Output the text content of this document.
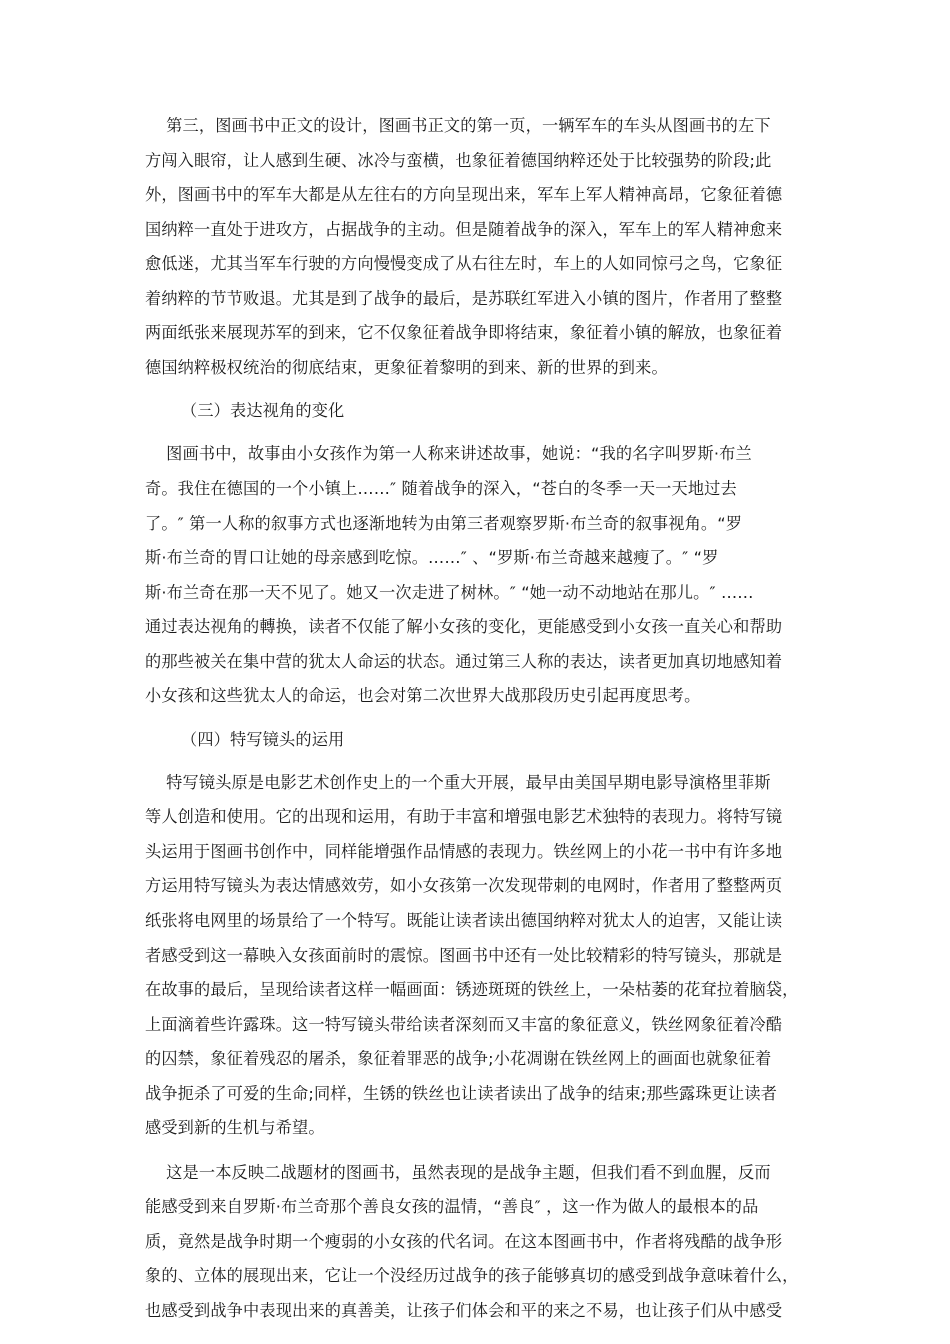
第三，图画书中正文的设计，图画书正文的第一页，一辆军车的车头从图画书的左下
方闯入眼帘，让人感到生硬、冰冷与蛮横，也象征着德国纳粹还处于比较强势的阶段;此
外，图画书中的军车大都是从左往右的方向呈现出来，军车上军人精神高昂，它象征着德
国纳粹一直处于进攻方，占据战争的主动。但是随着战争的深入，军车上的军人精神愈来
愈低迷，尤其当军车行驶的方向慢慢变成了从右往左时，车上的人如同惊弓之鸟，它象征
着纳粹的节节败退。尤其是到了战争的最后，是苏联红军进入小镇的图片，作者用了整整
两面纸张来展现苏军的到来，它不仅象征着战争即将结束，象征着小镇的解放，也象征着
德国纳粹极权统治的彻底结束，更象征着黎明的到来、新的世界的到来。
（三）表达视角的变化
图画书中，故事由小女孩作为第一人称来讲述故事，她说：“我的名字叫罗斯·布兰
奇。我住在德国的一个小镇上……″ 随着战争的深入，“苍白的冬季一天一天地过去
了。″ 第一人称的叙事方式也逐渐地转为由第三者观察罗斯·布兰奇的叙事视角。“罗
斯·布兰奇的胃口让她的母亲感到吃惊。……″ 、“罗斯·布兰奇越来越瘦了。″ “罗
斯·布兰奇在那一天不见了。她又一次走进了树林。″ “她一动不动地站在那儿。″ ……
通过表达视角的轉换，读者不仅能了解小女孩的变化，更能感受到小女孩一直关心和帮助
的那些被关在集中营的犹太人命运的状态。通过第三人称的表达，读者更加真切地感知着
小女孩和这些犹太人的命运，也会对第二次世界大战那段历史引起再度思考。
（四）特写镜头的运用
特写镜头原是电影艺术创作史上的一个重大开展，最早由美国早期电影导演格里菲斯
等人创造和使用。它的出现和运用，有助于丰富和增强电影艺术独特的表现力。将特写镜
头运用于图画书创作中，同样能增强作品情感的表现力。铁丝网上的小花一书中有许多地
方运用特写镜头为表达情感效劳，如小女孩第一次发现带刺的电网时，作者用了整整两页
纸张将电网里的场景给了一个特写。既能让读者读出德国纳粹对犹太人的迫害，又能让读
者感受到这一幕映入女孩面前时的震惊。图画书中还有一处比较精彩的特写镜头，那就是
在故事的最后，呈现给读者这样一幅画面：锈迹斑斑的铁丝上，一朵枯萎的花耷拉着脑袋，
上面滴着些许露珠。这一特写镜头带给读者深刻而又丰富的象征意义，铁丝网象征着冷酷
的囚禁，象征着残忍的屠杀，象征着罪恶的战争;小花凋谢在铁丝网上的画面也就象征着
战争扼杀了可爱的生命;同样，生锈的铁丝也让读者读出了战争的结束;那些露珠更让读者
感受到新的生机与希望。
这是一本反映二战题材的图画书，虽然表现的是战争主题，但我们看不到血腥，反而
能感受到来自罗斯·布兰奇那个善良女孩的温情，“善良″ ，这一作为做人的最根本的品
质，竟然是战争时期一个瘦弱的小女孩的代名词。在这本图画书中，作者将残酷的战争形
象的、立体的展现出来，它让一个没经历过战争的孩子能够真切的感受到战争意味着什么，
也感受到战争中表现出来的真善美，让孩子们体会和平的来之不易，也让孩子们从中感受
